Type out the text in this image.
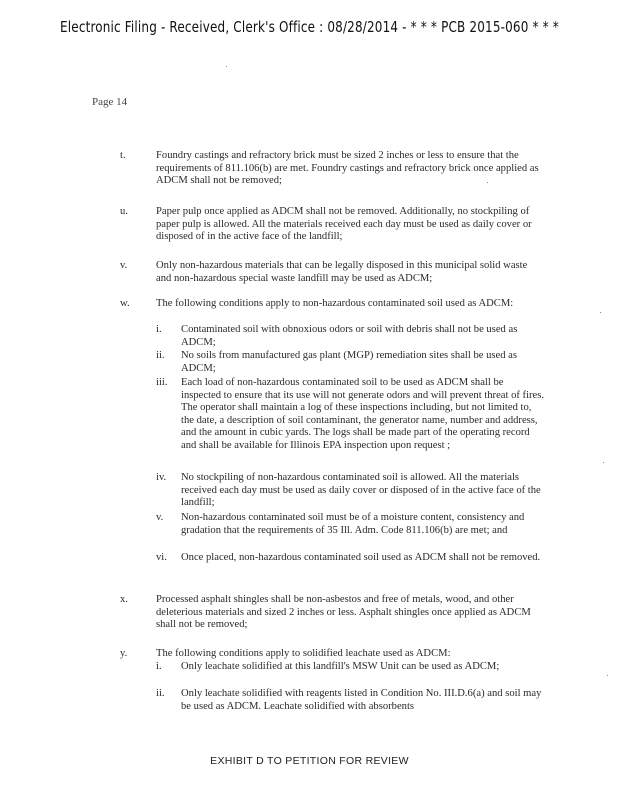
Electronic Filing - Received, Clerk's Office : 08/28/2014 - * * * PCB 2015-060 * * *
Page 14
t.	Foundry castings and refractory brick must be sized 2 inches or less to ensure that the requirements of 811.106(b) are met. Foundry castings and refractory brick once applied as ADCM shall not be removed;
u.	Paper pulp once applied as ADCM shall not be removed. Additionally, no stockpiling of paper pulp is allowed. All the materials received each day must be used as daily cover or disposed of in the active face of the landfill;
v.	Only non-hazardous materials that can be legally disposed in this municipal solid waste and non-hazardous special waste landfill may be used as ADCM;
w. The following conditions apply to non-hazardous contaminated soil used as ADCM:
i. Contaminated soil with obnoxious odors or soil with debris shall not be used as ADCM;
ii. No soils from manufactured gas plant (MGP) remediation sites shall be used as ADCM;
iii. Each load of non-hazardous contaminated soil to be used as ADCM shall be inspected to ensure that its use will not generate odors and will prevent threat of fires. The operator shall maintain a log of these inspections including, but not limited to, the date, a description of soil contaminant, the generator name, number and address, and the amount in cubic yards. The logs shall be made part of the operating record and shall be available for Illinois EPA inspection upon request ;
iv. No stockpiling of non-hazardous contaminated soil is allowed. All the materials received each day must be used as daily cover or disposed of in the active face of the landfill;
v. Non-hazardous contaminated soil must be of a moisture content, consistency and gradation that the requirements of 35 Ill. Adm. Code 811.106(b) are met; and
vi. Once placed, non-hazardous contaminated soil used as ADCM shall not be removed.
x.	Processed asphalt shingles shall be non-asbestos and free of metals, wood, and other deleterious materials and sized 2 inches or less. Asphalt shingles once applied as ADCM shall not be removed;
y.	The following conditions apply to solidified leachate used as ADCM:
i. Only leachate solidified at this landfill's MSW Unit can be used as ADCM;
ii. Only leachate solidified with reagents listed in Condition No. III.D.6(a) and soil may be used as ADCM. Leachate solidified with absorbents
EXHIBIT D TO PETITION FOR REVIEW
